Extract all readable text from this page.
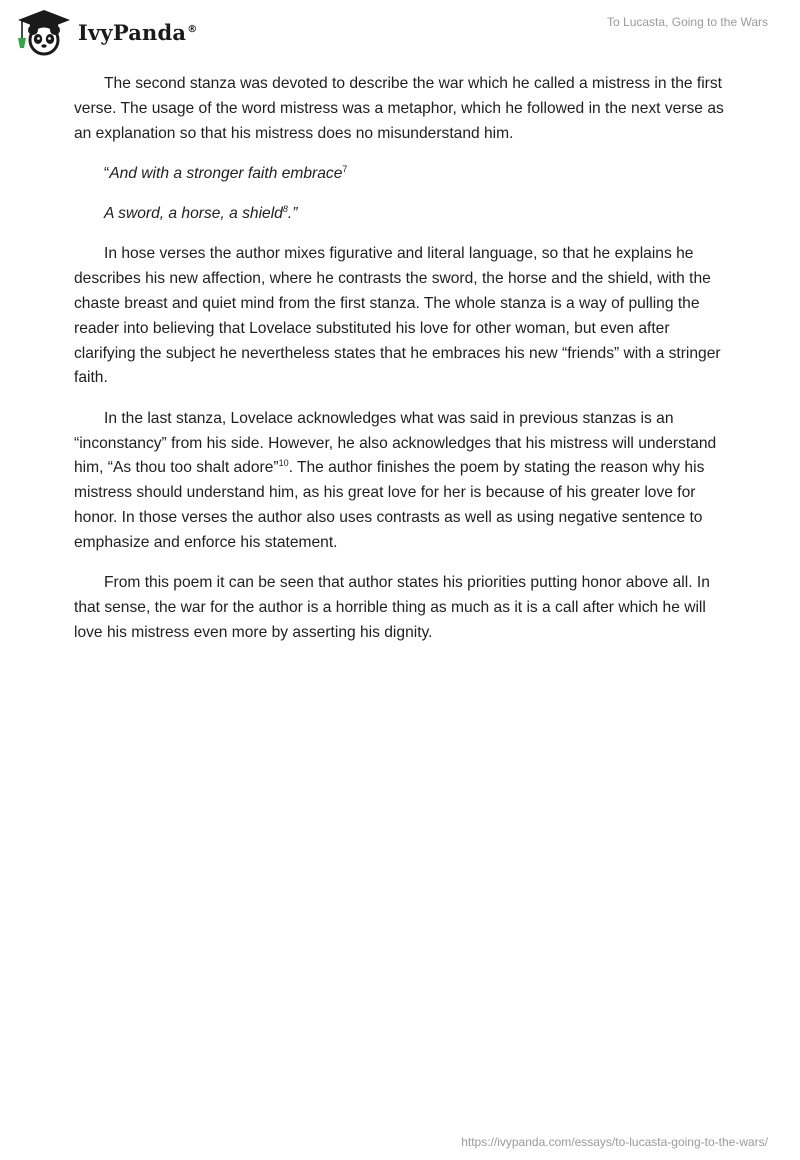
IvyPanda®	To Lucasta, Going to the Wars

The second stanza was devoted to describe the war which he called a mistress in the first verse. The usage of the word mistress was a metaphor, which he followed in the next verse as an explanation so that his mistress does no misunderstand him.

“And with a stronger faith embrace$^7$

A sword, a horse, a shield$^8$.”

In hose verses the author mixes figurative and literal language, so that he explains he describes his new affection, where he contrasts the sword, the horse and the shield, with the chaste breast and quiet mind from the first stanza. The whole stanza is a way of pulling the reader into believing that Lovelace substituted his love for other woman, but even after clarifying the subject he nevertheless states that he embraces his new “friends” with a stringer faith.

In the last stanza, Lovelace acknowledges what was said in previous stanzas is an “inconstancy” from his side. However, he also acknowledges that his mistress will understand him, “As thou too shalt adore”$^{10}$. The author finishes the poem by stating the reason why his mistress should understand him, as his great love for her is because of his greater love for honor. In those verses the author also uses contrasts as well as using negative sentence to emphasize and enforce his statement.

From this poem it can be seen that author states his priorities putting honor above all. In that sense, the war for the author is a horrible thing as much as it is a call after which he will love his mistress even more by asserting his dignity.

https://ivypanda.com/essays/to-lucasta-going-to-the-wars/
